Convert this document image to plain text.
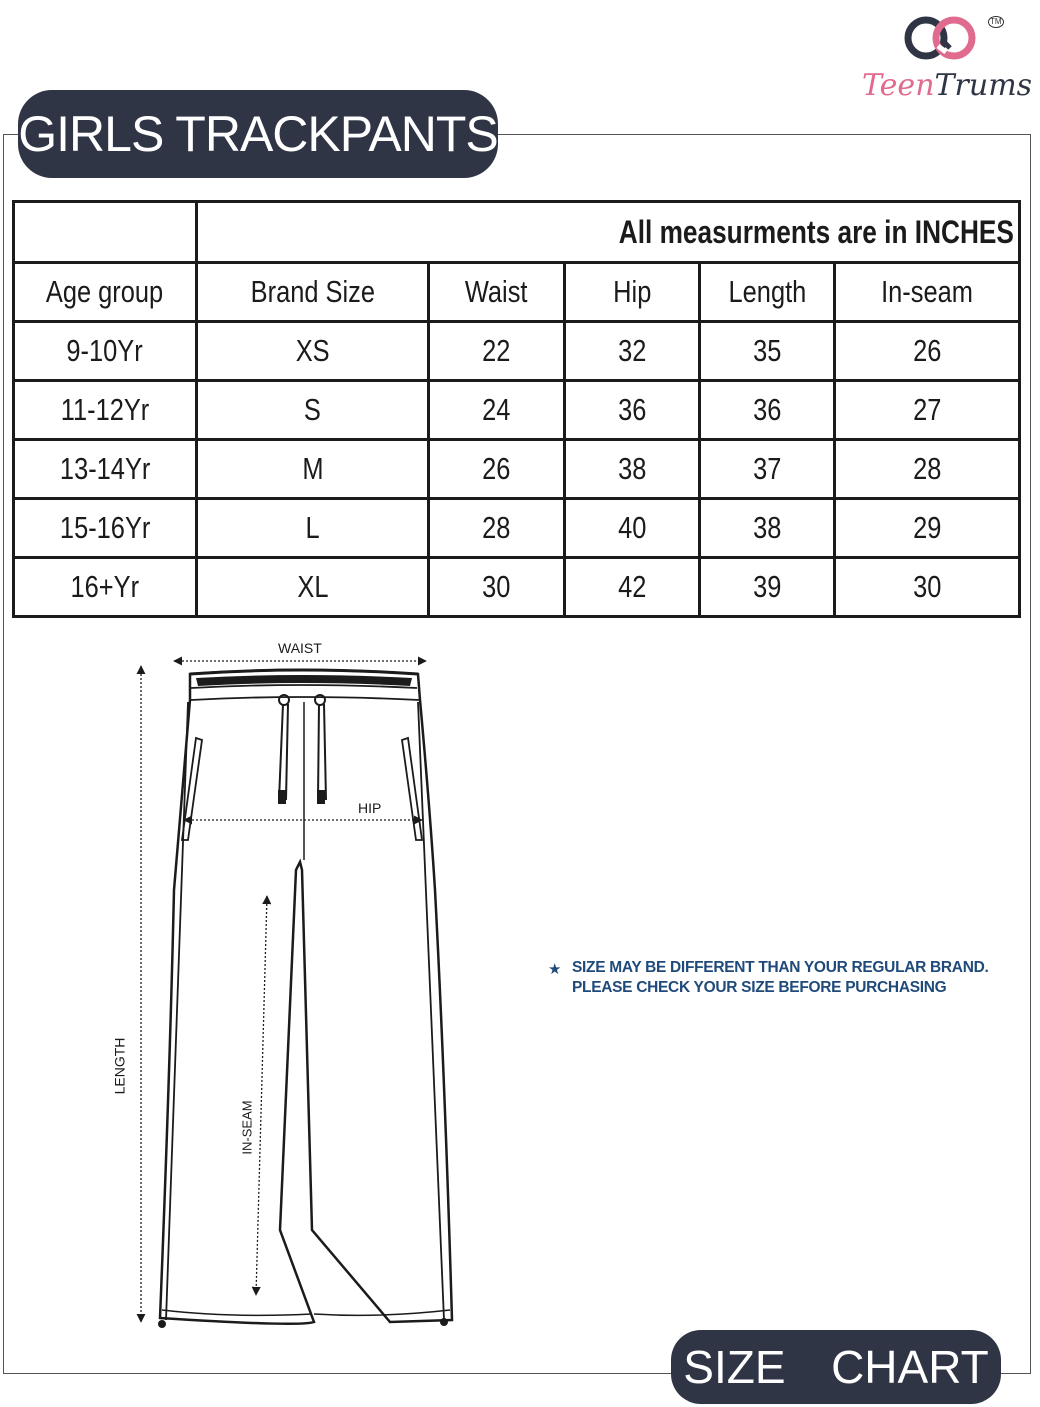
TM
TeenTrums
GIRLS TRACKPANTS
	All measurments are in INCHES				
Age group	Brand Size	Waist	Hip	Length	In-seam
9-10Yr	XS	22	32	35	26
11-12Yr	S	24	36	36	27
13-14Yr	M	26	38	37	28
15-16Yr	L	28	40	38	29
16+Yr	XL	30	42	39	30
WAIST
HIP
LENGTH
IN-SEAM
★ SIZE MAY BE DIFFERENT THAN YOUR REGULAR BRAND. PLEASE CHECK YOUR SIZE BEFORE PURCHASING
SIZE  CHART
